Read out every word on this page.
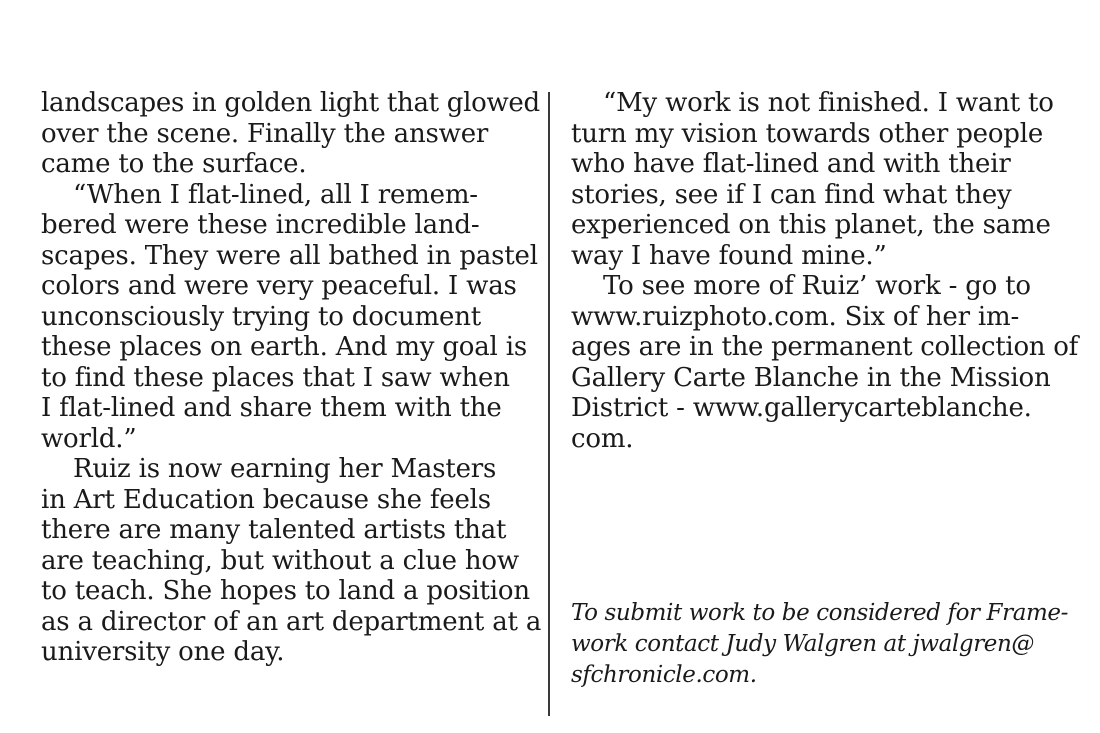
landscapes in golden light that glowed
over the scene. Finally the answer
came to the surface.
“When I flat-lined, all I remem-
bered were these incredible land-
scapes. They were all bathed in pastel
colors and were very peaceful. I was
unconsciously trying to document
these places on earth. And my goal is
to find these places that I saw when
I flat-lined and share them with the
world.”
Ruiz is now earning her Masters
in Art Education because she feels
there are many talented artists that
are teaching, but without a clue how
to teach. She hopes to land a position
as a director of an art department at a
university one day.
“My work is not finished. I want to
turn my vision towards other people
who have flat-lined and with their
stories, see if I can find what they
experienced on this planet, the same
way I have found mine.”
To see more of Ruiz’ work - go to
www.ruizphoto.com. Six of her im-
ages are in the permanent collection of
Gallery Carte Blanche in the Mission
District - www.gallerycarteblanche.
com.
To submit work to be considered for Frame-
work contact Judy Walgren at jwalgren@
sfchronicle.com.
